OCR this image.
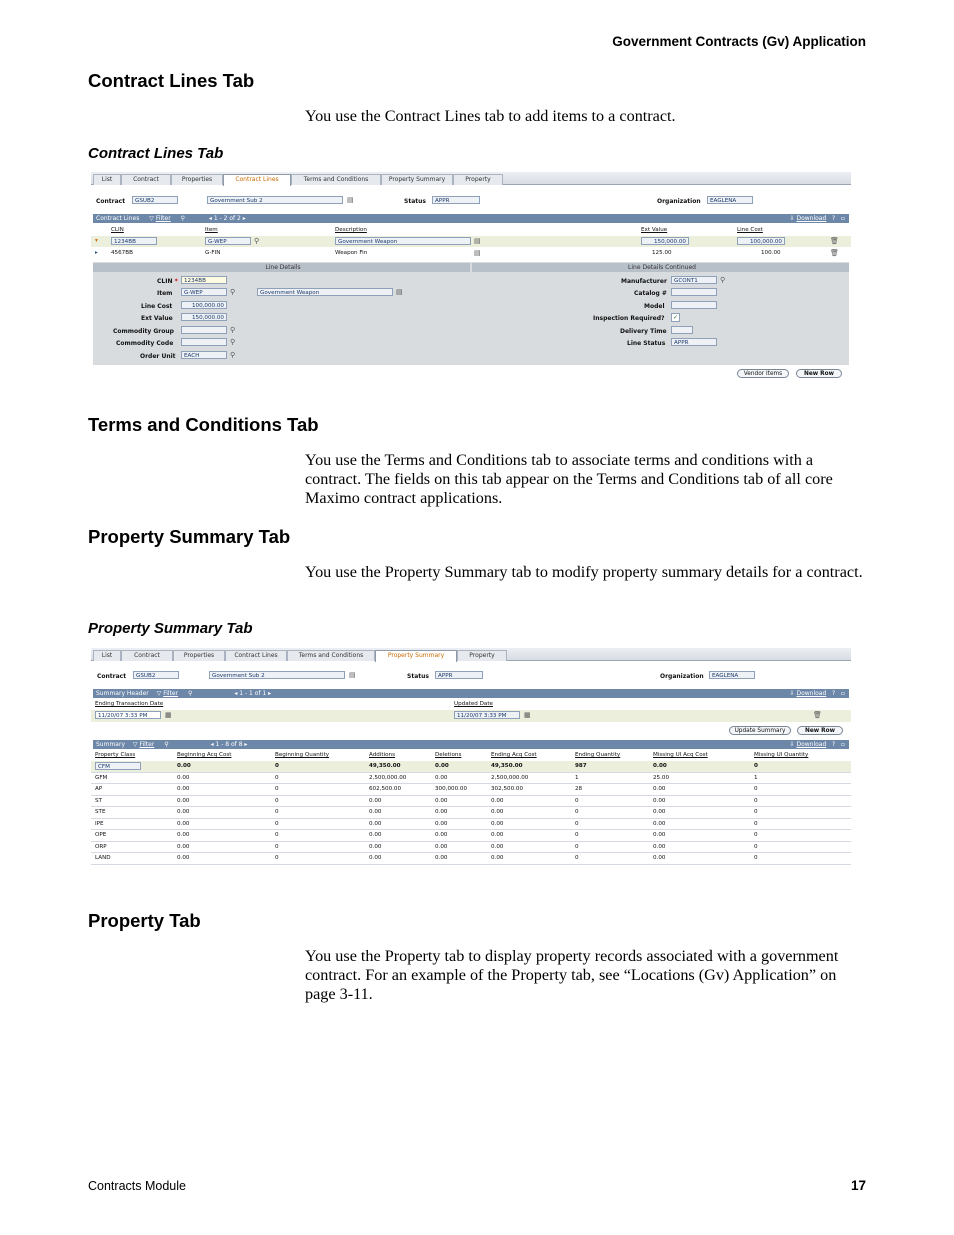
Government Contracts (Gv) Application
Contract Lines Tab

You use the Contract Lines tab to add items to a contract.

Contract Lines Tab

List	Contract	Properties	Contract Lines	Terms and Conditions	Property Summary	Property
Contract	GSUB2	Government Sub 2	▤	Status	APPR	Organization	EAGLENA
Contract Lines ▽ Filter ⚲	◂ 1 - 2 of 2 ▸	⇩ Download   ?   ▫
CLIN	Item	Description	Ext Value	Line Cost
▾	1234BB	G-WEP	⚲	Government Weapon	▤	150,000.00	100,000.00	🗑
▸ 4567BB	G-FIN	Weapon Fin	▤	125.00	100.00	🗑
Line Details	Line Details Continued
CLIN *	1234BB
Item	G-WEP	⚲	Government Weapon	▤
Line Cost	100,000.00
Ext Value	150,000.00
Commodity Group	⚲
Commodity Code	⚲
Order Unit	EACH	⚲
Manufacturer	GCONT1	⚲
Catalog #
Model
Inspection Required?	✓
Delivery Time
Line Status	APPR
Vendor Items	New Row
Terms and Conditions Tab

You use the Terms and Conditions tab to associate terms and conditions with a contract. The fields on this tab appear on the Terms and Conditions tab of all core Maximo contract applications.

Property Summary Tab

You use the Property Summary tab to modify property summary details for a contract.

Property Summary Tab

List	Contract	Properties	Contract Lines	Terms and Conditions	Property Summary	Property
Contract	GSUB2	Government Sub 2	▤	Status	APPR	Organization	EAGLENA
Summary Header ▽ Filter ⚲	◂ 1 - 1 of 1 ▸	⇩ Download   ?   ▫
Ending Transaction Date	Updated Date
11/20/07 3:33 PM	▦	11/20/07 3:33 PM	▦	🗑
Update Summary	New Row
Summary ▽ Filter ⚲	◂ 1 - 8 of 8 ▸	⇩ Download   ?   ▫
Property Class	Beginning Acq Cost	Beginning Quantity	Additions	Deletions	Ending Acq Cost	Ending Quantity	Missing UI Acq Cost	Missing UI Quantity
CFM	0.00	0	49,350.00	0.00	49,350.00	987	0.00	0
GFM	0.00	0	2,500,000.00	0.00	2,500,000.00	1	25.00	1
AP	0.00	0	602,500.00	300,000.00	302,500.00	28	0.00	0
ST	0.00	0	0.00	0.00	0.00	0	0.00	0
STE	0.00	0	0.00	0.00	0.00	0	0.00	0
IPE	0.00	0	0.00	0.00	0.00	0	0.00	0
OPE	0.00	0	0.00	0.00	0.00	0	0.00	0
ORP	0.00	0	0.00	0.00	0.00	0	0.00	0
LAND	0.00	0	0.00	0.00	0.00	0	0.00	0
Property Tab

You use the Property tab to display property records associated with a government contract. For an example of the Property tab, see “Locations (Gv) Application” on page 3-11.

Contracts Module	17
